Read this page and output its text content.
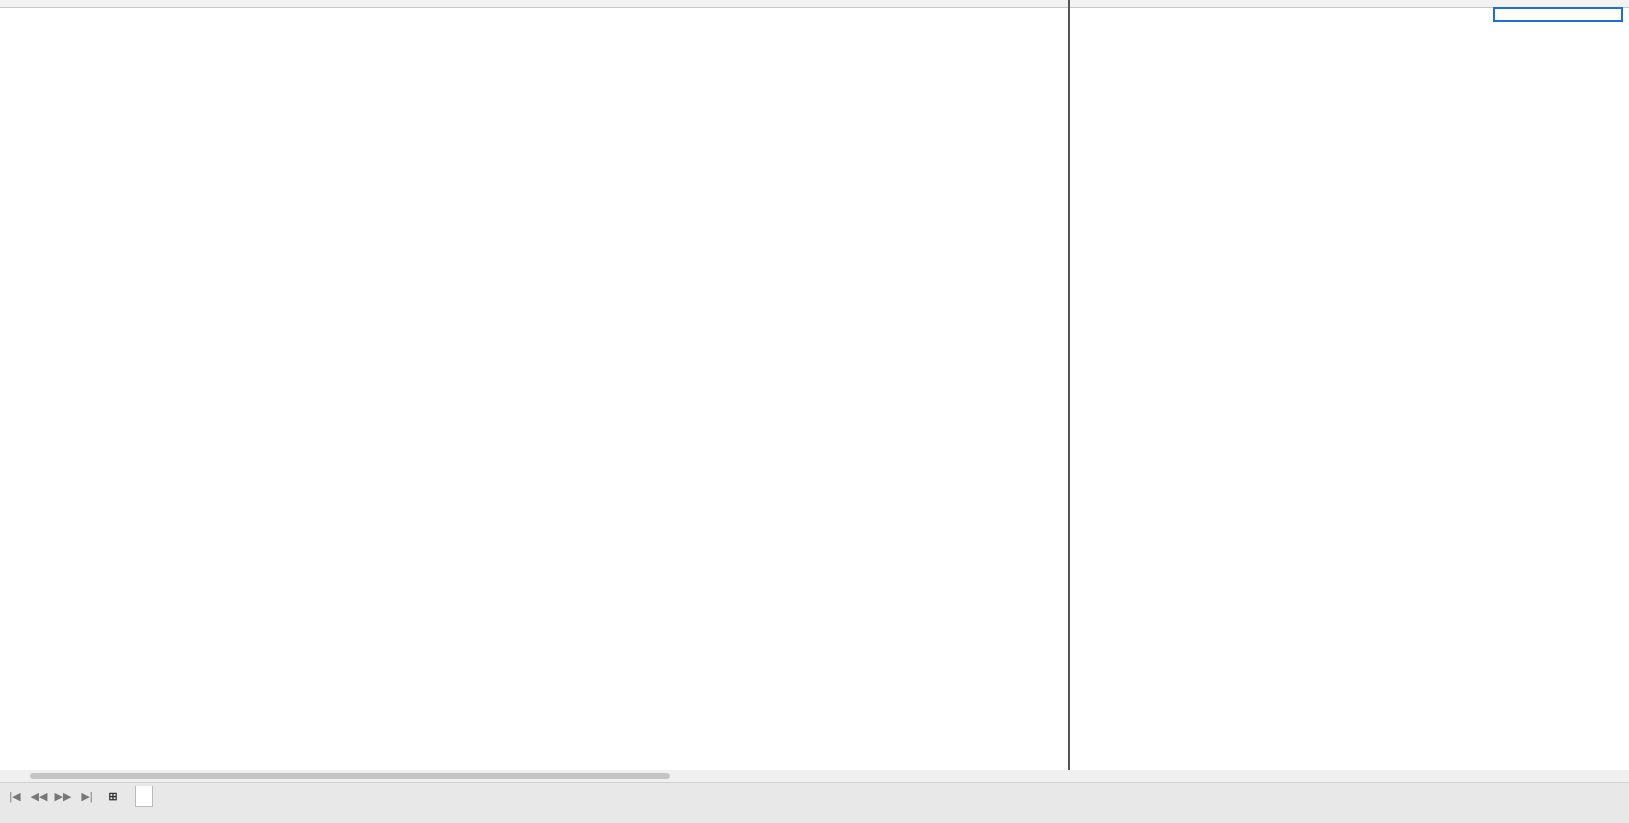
|◀ ◀◀ ▶▶ ▶|	⊞
